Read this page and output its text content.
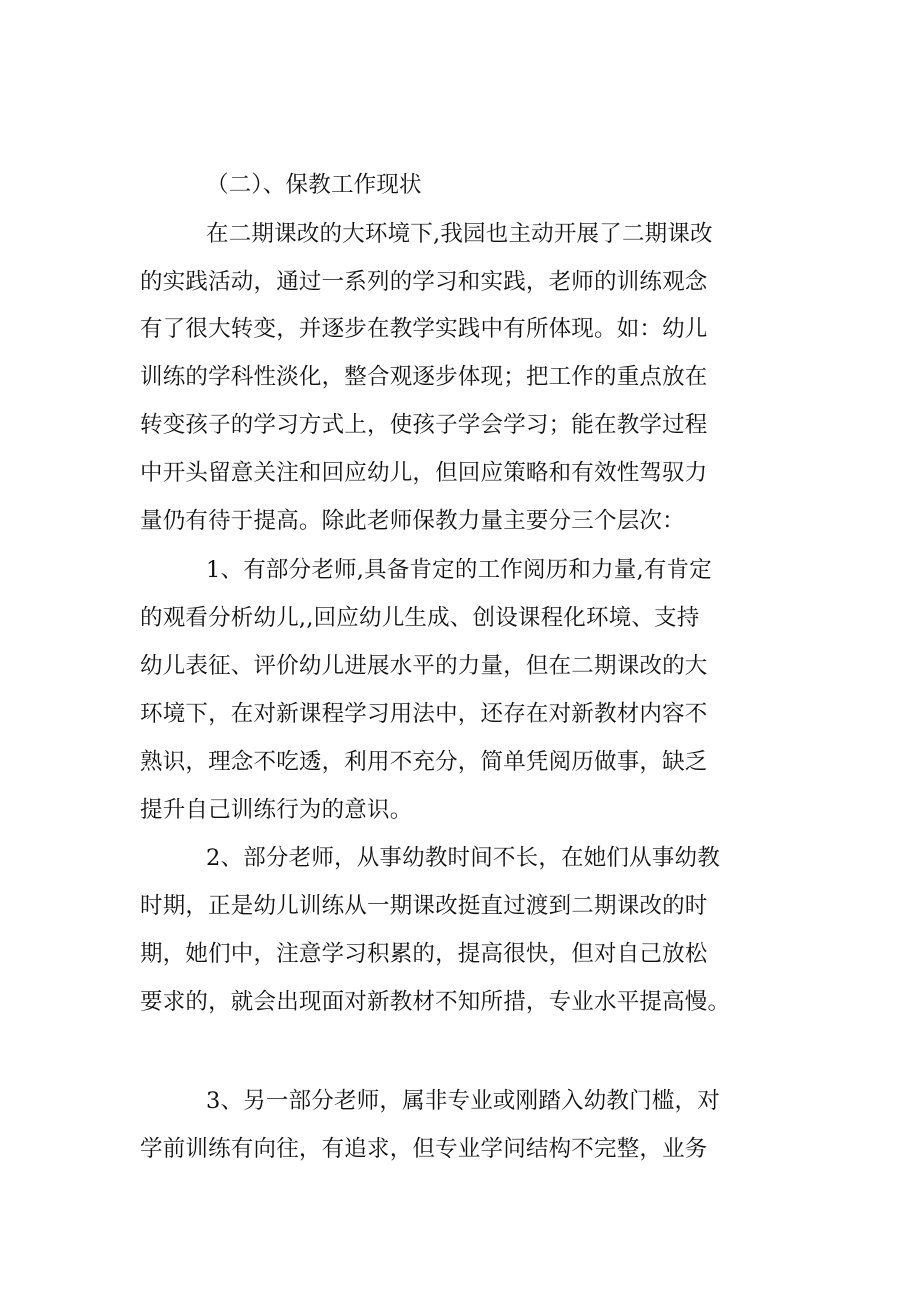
（二）、保教工作现状
在二期课改的大环境下,我园也主动开展了二期课改
的实践活动，通过一系列的学习和实践，老师的训练观念
有了很大转变，并逐步在教学实践中有所体现。如：幼儿
训练的学科性淡化，整合观逐步体现；把工作的重点放在
转变孩子的学习方式上，使孩子学会学习；能在教学过程
中开头留意关注和回应幼儿，但回应策略和有效性驾驭力
量仍有待于提高。除此老师保教力量主要分三个层次：
1、有部分老师,具备肯定的工作阅历和力量,有肯定
的观看分析幼儿,,回应幼儿生成、创设课程化环境、支持
幼儿表征、评价幼儿进展水平的力量，但在二期课改的大
环境下，在对新课程学习用法中，还存在对新教材内容不
熟识，理念不吃透，利用不充分，简单凭阅历做事，缺乏
提升自己训练行为的意识。
2、部分老师，从事幼教时间不长，在她们从事幼教
时期，正是幼儿训练从一期课改挺直过渡到二期课改的时
期，她们中，注意学习积累的，提高很快，但对自己放松
要求的，就会出现面对新教材不知所措，专业水平提高慢。
3、另一部分老师，属非专业或刚踏入幼教门槛，对
学前训练有向往，有追求，但专业学问结构不完整，业务
